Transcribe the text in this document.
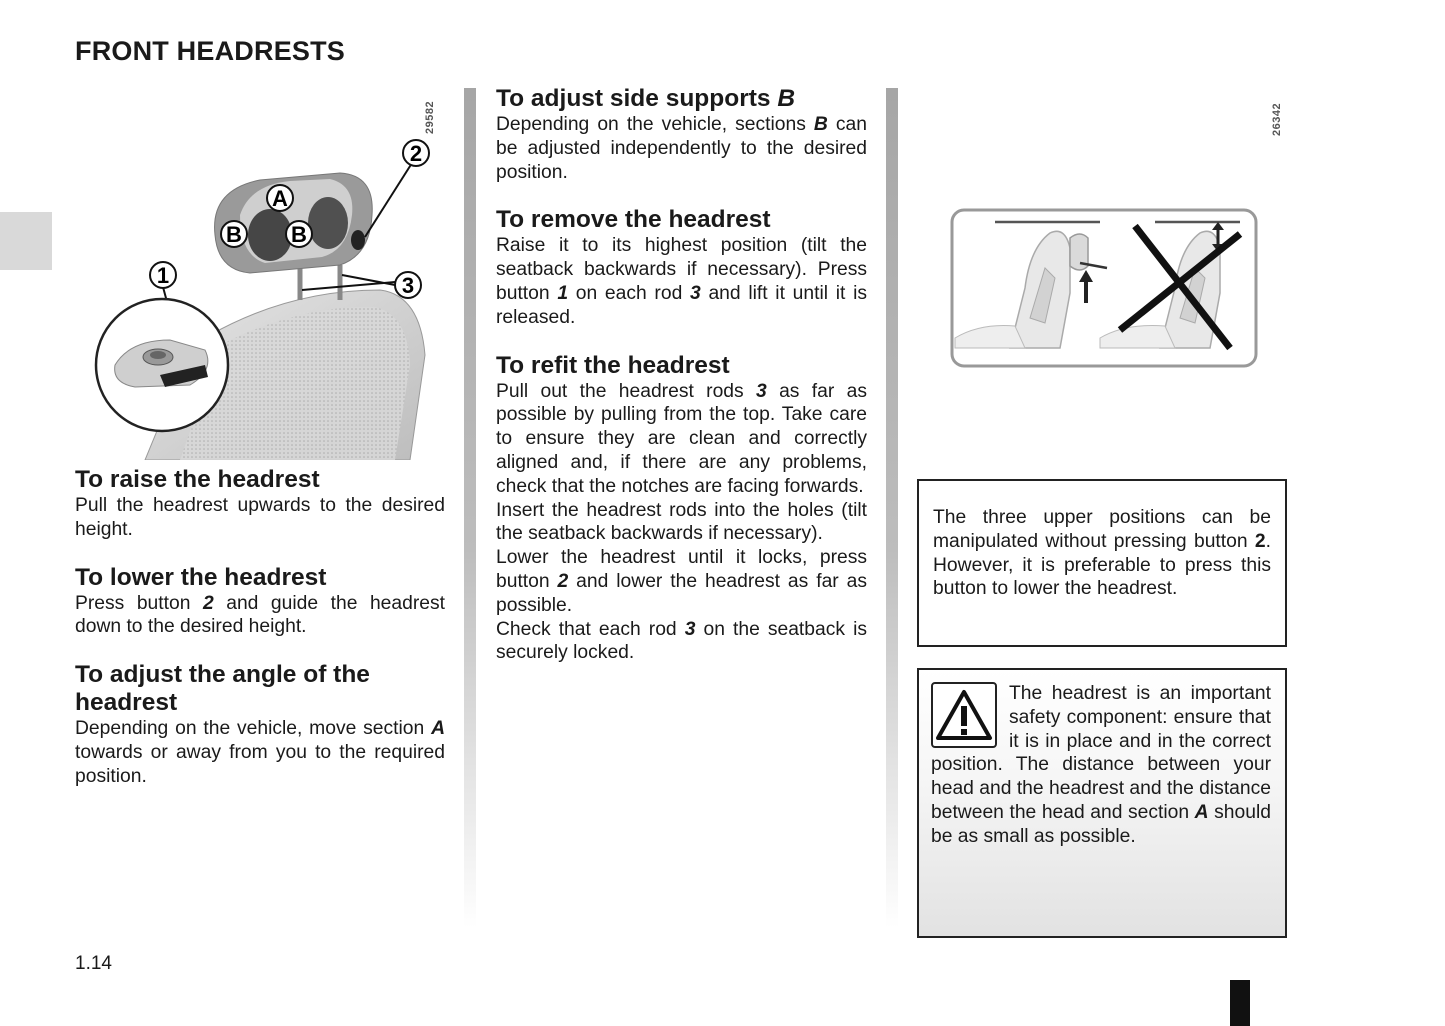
FRONT HEADRESTS
A
B B
1
2
3
29582
To raise the headrest

Pull the headrest upwards to the desired height.

To lower the headrest

Press button 2 and guide the headrest down to the desired height.

To adjust the angle of the headrest

Depending on the vehicle, move section A towards or away from you to the required position.

To adjust side supports B

Depending on the vehicle, sections B can be adjusted independently to the desired position.

To remove the headrest

Raise it to its highest position (tilt the seatback backwards if necessary). Press button 1 on each rod 3 and lift it until it is released.

To refit the headrest

Pull out the headrest rods 3 as far as possible by pulling from the top. Take care to ensure they are clean and correctly aligned and, if there are any problems, check that the notches are facing forwards.

Insert the headrest rods into the holes (tilt the seatback backwards if necessary).

Lower the headrest until it locks, press button 2 and lower the headrest as far as possible.

Check that each rod 3 on the seatback is securely locked.

26342

The three upper positions can be manipulated without pressing button 2. However, it is preferable to press this button to lower the headrest.

The headrest is an important safety component: ensure that it is in place and in the correct position. The distance between your head and the headrest and the distance between the head and section A should be as small as possible.

1.14
